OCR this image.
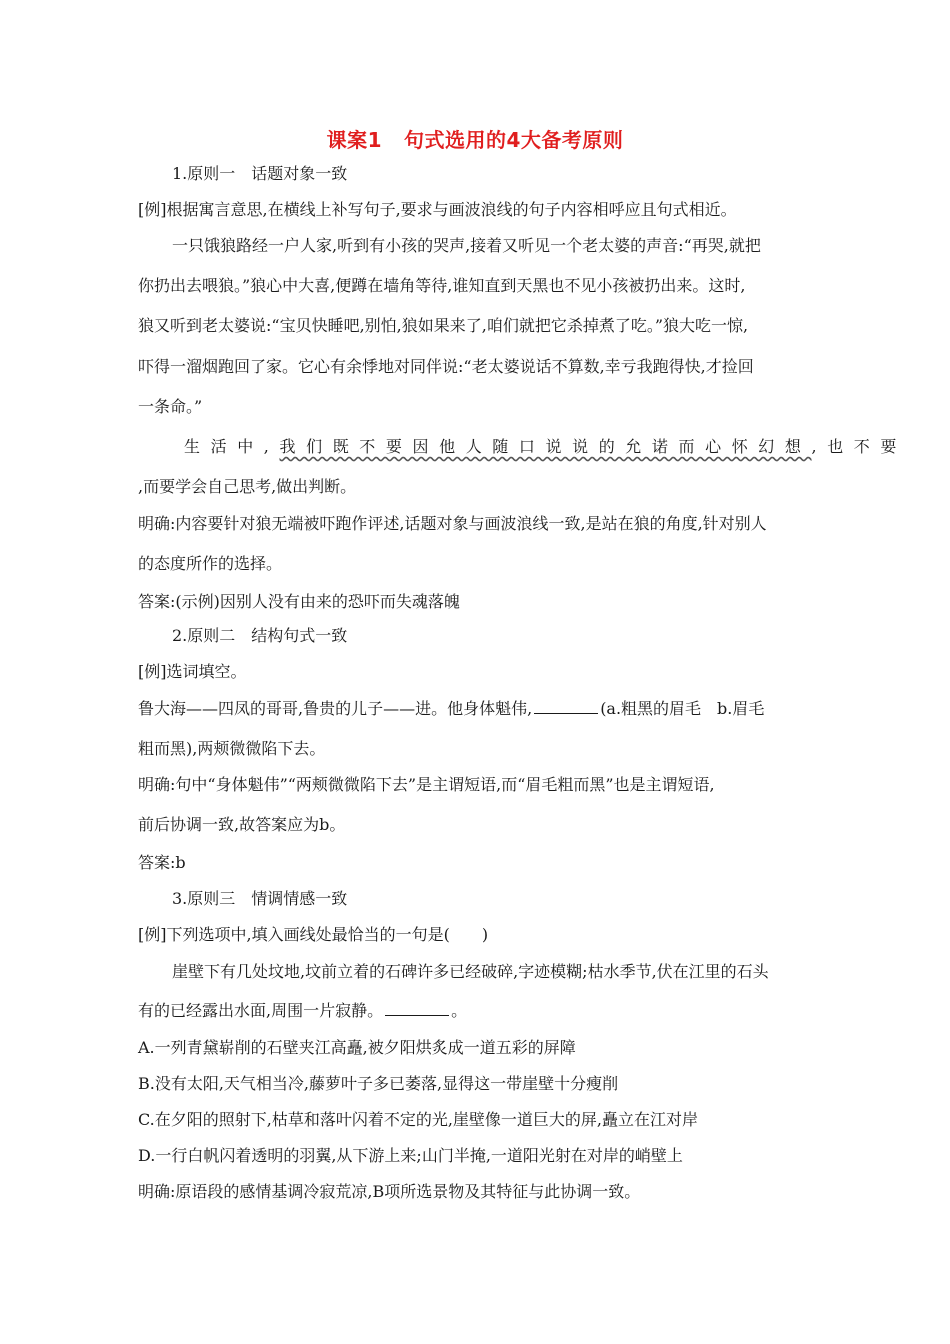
课案1 句式选用的4大备考原则
1.原则一　话题对象一致
[例]根据寓言意思,在横线上补写句子,要求与画波浪线的句子内容相呼应且句式相近。
一只饿狼路经一户人家,听到有小孩的哭声,接着又听见一个老太婆的声音:“再哭,就把
你扔出去喂狼。”狼心中大喜,便蹲在墙角等待,谁知直到天黑也不见小孩被扔出来。这时,
狼又听到老太婆说:“宝贝快睡吧,别怕,狼如果来了,咱们就把它杀掉煮了吃。”狼大吃一惊,
吓得一溜烟跑回了家。它心有余悸地对同伴说:“老太婆说话不算数,幸亏我跑得快,才捡回
一条命。”
生活中,我们既不要因他人随口说说的允诺而心怀幻想,也不要
,而要学会自己思考,做出判断。
明确:内容要针对狼无端被吓跑作评述,话题对象与画波浪线一致,是站在狼的角度,针对别人
的态度所作的选择。
答案:(示例)因别人没有由来的恐吓而失魂落魄
2.原则二　结构句式一致
[例]选词填空。
鲁大海——四凤的哥哥,鲁贵的儿子——进。他身体魁伟,	(a.粗黑的眉毛　b.眉毛
粗而黑),两颊微微陷下去。
明确:句中“身体魁伟”“两颊微微陷下去”是主谓短语,而“眉毛粗而黑”也是主谓短语,
前后协调一致,故答案应为b。
答案:b
3.原则三　情调情感一致
[例]下列选项中,填入画线处最恰当的一句是(　　)
崖壁下有几处坟地,坟前立着的石碑许多已经破碎,字迹模糊;枯水季节,伏在江里的石头
有的已经露出水面,周围一片寂静。	。
A.一列青黛崭削的石壁夹江高矗,被夕阳烘炙成一道五彩的屏障
B.没有太阳,天气相当冷,藤萝叶子多已萎落,显得这一带崖壁十分瘦削
C.在夕阳的照射下,枯草和落叶闪着不定的光,崖壁像一道巨大的屏,矗立在江对岸
D.一行白帆闪着透明的羽翼,从下游上来;山门半掩,一道阳光射在对岸的峭壁上
明确:原语段的感情基调冷寂荒凉,B项所选景物及其特征与此协调一致。
